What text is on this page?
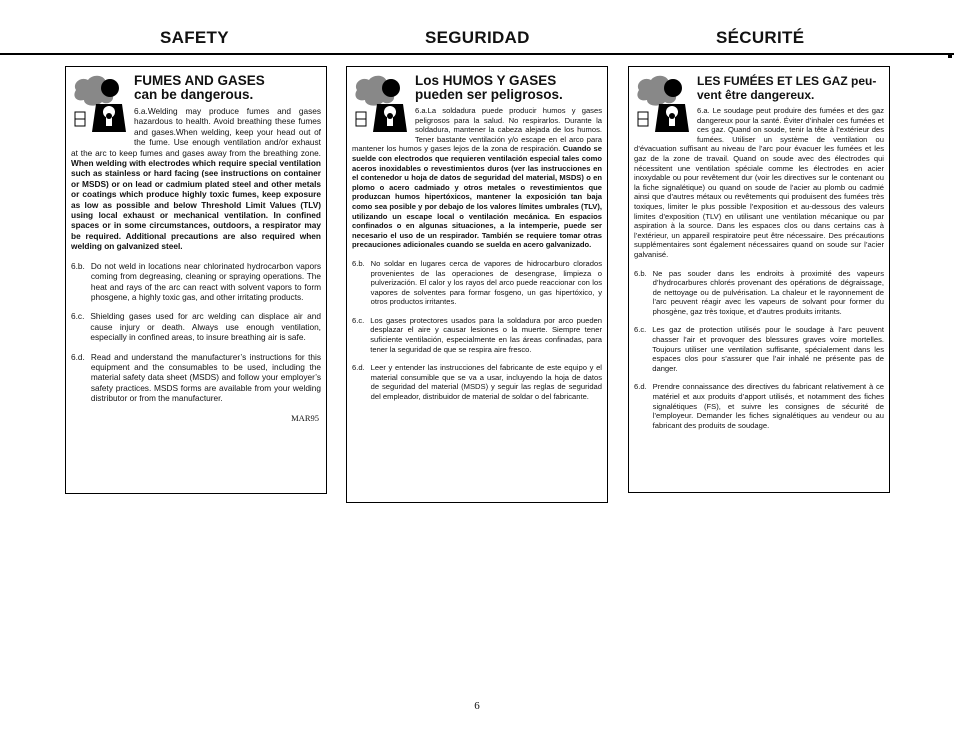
SAFETY	SEGURIDAD	SÉCURITÉ
FUMES AND GASES
can be dangerous.

6.a.Welding may produce fumes and gases hazardous to health. Avoid breathing these fumes and gases.When welding, keep your head out of the fume. Use enough ventilation and/or exhaust at the arc to keep fumes and gases away from the breathing zone. When welding with electrodes which require special ventilation such as stainless or hard facing (see instructions on container or MSDS) or on lead or cadmium plated steel and other metals or coatings which produce highly toxic fumes, keep exposure as low as possible and below Threshold Limit Values (TLV) using local exhaust or mechanical ventilation. In confined spaces or in some circumstances, outdoors, a respirator may be required. Additional precautions are also required when welding on galvanized steel.

6.b. Do not weld in locations near chlorinated hydrocarbon vapors coming from degreasing, cleaning or spraying operations. The heat and rays of the arc can react with solvent vapors to form phosgene, a highly toxic gas, and other irritating products.
6.c. Shielding gases used for arc welding can displace air and cause injury or death. Always use enough ventilation, especially in confined areas, to insure breathing air is safe.
6.d. Read and understand the manufacturer’s instructions for this equipment and the consumables to be used, including the material safety data sheet (MSDS) and follow your employer’s safety practices. MSDS forms are available from your welding distributor or from the manufacturer.
MAR95
Los HUMOS Y GASES
pueden ser peligrosos.

6.a.La soldadura puede producir humos y gases peligrosos para la salud. No respirarlos. Durante la soldadura, mantener la cabeza alejada de los humos. Tener bastante ventilación y/o escape en el arco para mantener los humos y gases lejos de la zona de respiración. Cuando se suelde con electrodos que requieren ventilación especial tales como aceros inoxidables o revestimientos duros (ver las instrucciones en el contenedor u hoja de datos de seguridad del material, MSDS) o en plomo o acero cadmiado y otros metales o revestimientos que produzcan humos hipertóxicos, mantener la exposición tan baja como sea posible y por debajo de los valores límites umbrales (TLV), utilizando un escape local o ventilación mecánica. En espacios confinados o en algunas situaciones, a la intemperie, puede ser necesario el uso de un respirador. También se requiere tomar otras precauciones adicionales cuando se suelda en acero galvanizado.

6.b. No soldar en lugares cerca de vapores de hidrocarburo clorados provenientes de las operaciones de desengrase, limpieza o pulverización. El calor y los rayos del arco puede reaccionar con los vapores de solventes para formar fosgeno, un gas hipertóxico, y otros productos irritantes.
6.c. Los gases protectores usados para la soldadura por arco pueden desplazar el aire y causar lesiones o la muerte. Siempre tener suficiente ventilación, especialmente en las áreas confinadas, para tener la seguridad de que se respira aire fresco.
6.d. Leer y entender las instrucciones del fabricante de este equipo y el material consumible que se va a usar, incluyendo la hoja de datos de seguridad del material (MSDS) y seguir las reglas de seguridad del empleador, distribuidor de material de soldar o del fabricante.
LES FUMÉES ET LES GAZ peu-
vent être dangereux.

6.a. Le soudage peut produire des fumées et des gaz dangereux pour la santé. Éviter d’inhaler ces fumées et ces gaz. Quand on soude, tenir la tête à l’extérieur des fumées. Utiliser un système de ventilation ou d’évacuation suffisant au niveau de l’arc pour évacuer les fumées et les gaz de la zone de travail. Quand on soude avec des électrodes qui nécessitent une ventilation spéciale comme les électrodes en acier inoxydable ou pour revêtement dur (voir les directives sur le contenant ou la fiche signalétique) ou quand on soude de l’acier au plomb ou cadmié ainsi que d’autres métaux ou revêtements qui produisent des fumées très toxiques, limiter le plus possible l’exposition et au-dessous des valeurs limites d’exposition (TLV) en utilisant une ventilation mécanique ou par aspiration à la source. Dans les espaces clos ou dans certains cas à l’extérieur, un appareil respiratoire peut être nécessaire. Des précautions supplémentaires sont également nécessaires quand on soude sur l’acier galvanisé.

6.b. Ne pas souder dans les endroits à proximité des vapeurs d’hydrocarbures chlorés provenant des opérations de dégraissage, de nettoyage ou de pulvérisation. La chaleur et le rayonnement de l’arc peuvent réagir avec les vapeurs de solvant pour former du phosgène, gaz très toxique, et d’autres produits irritants.
6.c. Les gaz de protection utilisés pour le soudage à l’arc peuvent chasser l’air et provoquer des blessures graves voire mortelles. Toujours utiliser une ventilation suffisante, spécialement dans les espaces clos pour s’assurer que l’air inhalé ne présente pas de danger.
6.d. Prendre connaissance des directives du fabricant relativement à ce matériel et aux produits d’apport utilisés, et notamment des fiches signalétiques (FS), et suivre les consignes de sécurité de l’employeur. Demander les fiches signalétiques au vendeur ou au fabricant des produits de soudage.
6
